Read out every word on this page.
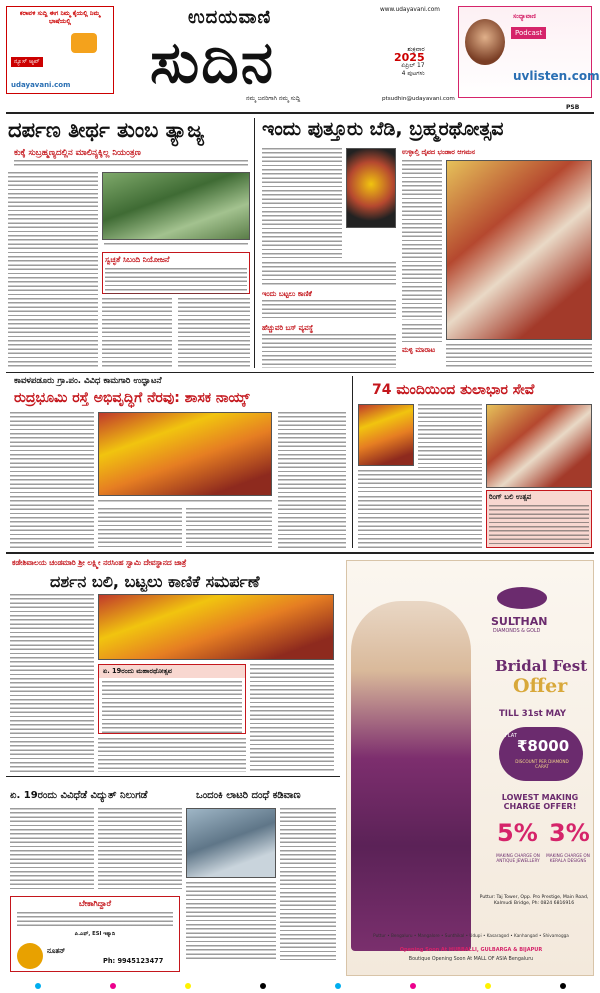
ಕರಾವಳಿ ಸುದ್ದಿ ಈಗ ನಿಮ್ಮ ಕೈಯಲ್ಲಿ ನಿಮ್ಮ ಭಾಷೆಯಲ್ಲಿ
ನ್ಯೂಸ್ ಆ್ಯಪ್
udayavani.com
ಉದಯವಾಣಿ
ಸುದಿನ
ನಮ್ಮ ಜನರಿಗಾಗಿ ನಮ್ಮ ಸುದ್ದಿ
www.udayavani.com
ಶುಕ್ರವಾರ
2025
ಏಪ್ರಿಲ್ 17
4 ಪುಟಗಳು
ptsudhin@udayavani.com
ಸಂಧ್ಯಾವಾಣಿ
Podcast
uvlisten.com
PSB
ದರ್ಪಣ ತೀರ್ಥ ತುಂಬ ತ್ಯಾಜ್ಯ
ಕುಕ್ಕೆ ಸುಬ್ರಹ್ಮಣ್ಯದಲ್ಲಿನ ಮಾಲಿನ್ಯಕ್ಕಿಲ್ಲ ನಿಯಂತ್ರಣ
ಸ್ವಚ್ಛತೆ ಸಿಬಂದಿ ನಿಯೋಜನೆ
ಇಂದು ಪುತ್ತೂರು ಬೆಡಿ, ಬ್ರಹ್ಮರಥೋತ್ಸವ
ಇಂದು ಬಟ್ಟಲು ಕಾಣಿಕೆ
ಹೆಚ್ಚುವರಿ ಬಸ್ ವ್ಯವಸ್ಥೆ
ಉಳ್ಳಾಲ್ತಿ ದೈವದ ಭಂಡಾರ ಆಗಮನ
ಮಳ್ಳಿ ಮಾರಾಟ
ಕಾವಳಪಡೂರು ಗ್ರಾ.ಪಂ. ವಿವಿಧ ಕಾಮಗಾರಿ ಉದ್ಘಾಟನೆ
ರುದ್ರಭೂಮಿ ರಸ್ತೆ ಅಭಿವೃದ್ಧಿಗೆ ನೆರವು: ಶಾಸಕ ನಾಯ್ಕ್	74 ಮಂದಿಯಿಂದ ತುಲಾಭಾರ ಸೇವೆ
ರಿಂಗ್ ಬಲಿ ಉತ್ಸವ
ಕಡೇಶಿವಾಲಯ ಚಂಡಮಾರಿ ಶ್ರೀ ಲಕ್ಷ್ಮೀ ನರಸಿಂಹ ಸ್ವಾಮಿ ದೇವಸ್ಥಾನದ ಜಾತ್ರೆ
ದರ್ಶನ ಬಲಿ, ಬಟ್ಟಲು ಕಾಣಿಕೆ ಸಮರ್ಪಣೆ
ಏ. 19ರಂದು ಮಹಾರಥೋತ್ಸವ
ಏ. 19ರಂದು ವಿವಿಧೆಡೆ ವಿದ್ಯುತ್ ನಿಲುಗಡೆ	ಒಂದಂಕಿ ಲಾಟರಿ ದಂಧೆ ಕಡಿವಾಣ
ಬೇಕಾಗಿದ್ದಾರೆ
ಪಿ.ಎಫ್, ESI ಇತ್ಯಾದಿ
ನೂತನ್
Ph: 9945123477
SULTHAN
DIAMONDS & GOLD
Bridal Fest
Offer
TILL 31st MAY
FLAT
₹8000
DISCOUNT PER DIAMOND CARAT
LOWEST MAKING CHARGE OFFER!
5% 3%
MAKING CHARGE ON ANTIQUE JEWELLERY
MAKING CHARGE ON KERALA DESIGNS
Puttur: Taj Tower, Opp. Pro Prestige, Main Road, Kalmudi Bridge, Ph: 0824 6816916
Puttur • Bengaluru • Mangalore • Sunthikal • Udupi • Kasaragod • Kanhangad • Shivamogga
Opening Soon At HUBBALLI, GULBARGA & BIJAPUR
Boutique Opening Soon At MALL OF ASIA Bengaluru
